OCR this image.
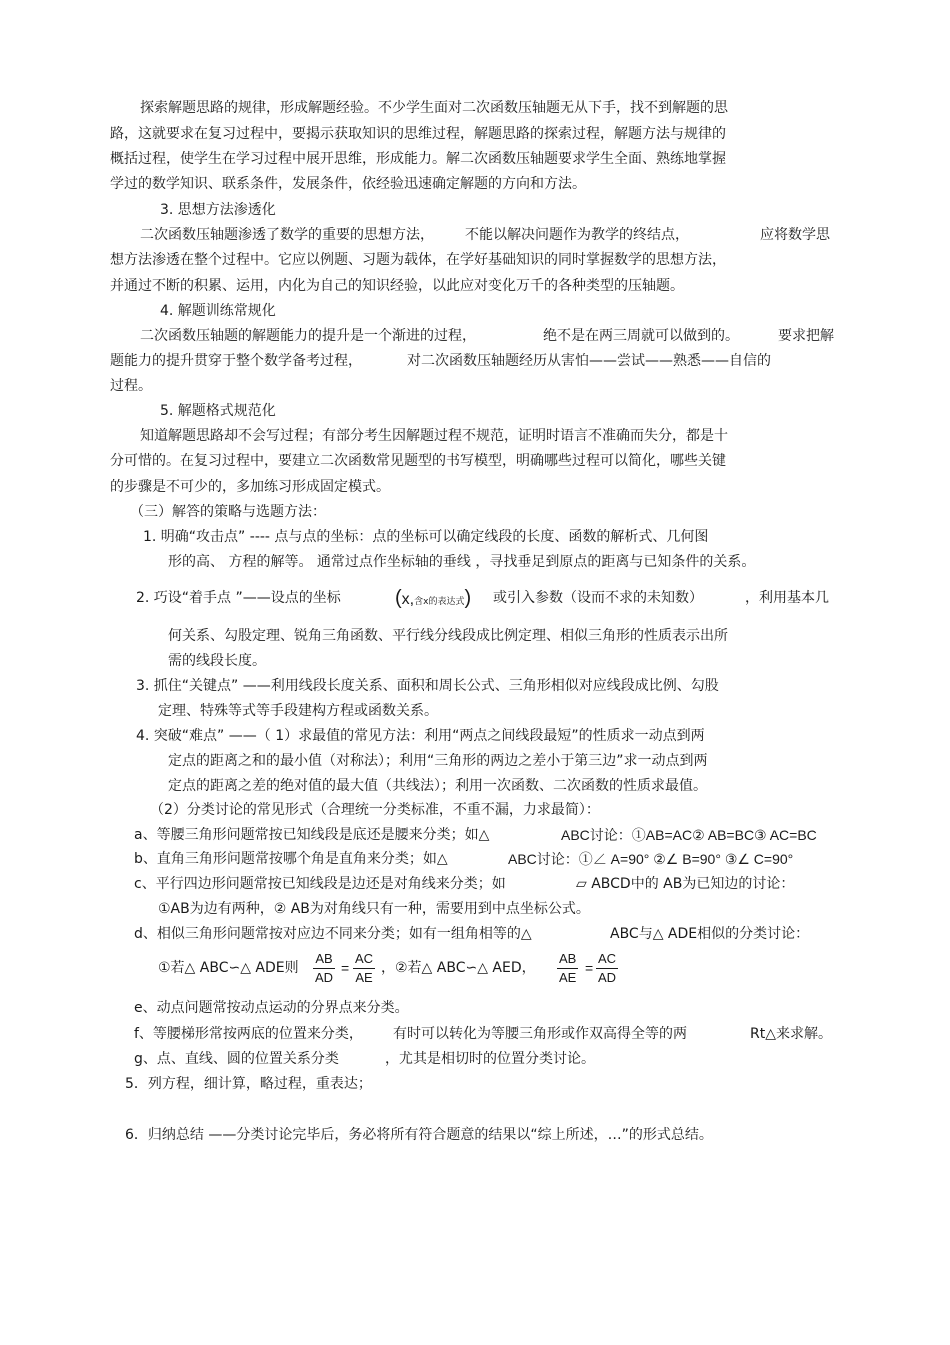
探索解题思路的规律，形成解题经验。不少学生面对二次函数压轴题无从下手，找不到解题的思
路，这就要求在复习过程中，要揭示获取知识的思维过程，解题思路的探索过程，解题方法与规律的
概括过程，使学生在学习过程中展开思维，形成能力。解二次函数压轴题要求学生全面、熟练地掌握
学过的数学知识、联系条件，发展条件，依经验迅速确定解题的方向和方法。
3. 思想方法渗透化
二次函数压轴题渗透了数学的重要的思想方法， 不能以解决问题作为教学的终结点，	应将数学思
想方法渗透在整个过程中。它应以例题、习题为载体，在学好基础知识的同时掌握数学的思想方法，
并通过不断的积累、运用，内化为自己的知识经验，以此应对变化万千的各种类型的压轴题。
4. 解题训练常规化
二次函数压轴题的解题能力的提升是一个渐进的过程，	绝不是在两三周就可以做到的。	要求把解
题能力的提升贯穿于整个数学备考过程，	对二次函数压轴题经历从害怕——尝试——熟悉——自信的
过程。
5. 解题格式规范化
知道解题思路却不会写过程；有部分考生因解题过程不规范，证明时语言不准确而失分，都是十
分可惜的。在复习过程中，要建立二次函数常见题型的书写模型，明确哪些过程可以简化，哪些关键
的步骤是不可少的，多加练习形成固定模式。
（三）解答的策略与选题方法：
1. 明确“攻击点” ---- 点与点的坐标：点的坐标可以确定线段的长度、函数的解析式、几何图
形的高、 方程的解等。 通常过点作坐标轴的垂线 ，寻找垂足到原点的距离与已知条件的关系。
2. 巧设“着手点 ”——设点的坐标	(x,含x的表达式) 或引入参数（设而不求的未知数）	，利用基本几
何关系、勾股定理、锐角三角函数、平行线分线段成比例定理、相似三角形的性质表示出所
需的线段长度。
3. 抓住“关键点” ——利用线段长度关系、面积和周长公式、三角形相似对应线段成比例、勾股
定理、特殊等式等手段建构方程或函数关系。
4. 突破“难点” ——（ 1）求最值的常见方法：利用“两点之间线段最短”的性质求一动点到两
定点的距离之和的最小值（对称法）；利用“三角形的两边之差小于第三边”求一动点到两
定点的距离之差的绝对值的最大值（共线法）；利用一次函数、二次函数的性质求最值。
（2）分类讨论的常见形式（合理统一分类标准，不重不漏，力求最简）：
a、等腰三角形问题常按已知线段是底还是腰来分类；如△	ABC讨论：①AB=AC② AB=BC③ AC=BC
b、直角三角形问题常按哪个角是直角来分类；如△	ABC讨论：①∠ A=90° ②∠ B=90° ③∠ C=90°
c、平行四边形问题常按已知线段是边还是对角线来分类；如	▱ ABCD中的 AB为已知边的讨论：
①AB为边有两种，② AB为对角线只有一种，需要用到中点坐标公式。
d、相似三角形问题常按对应边不同来分类；如有一组角相等的△	ABC与△ ADE相似的分类讨论：
①若△ ABC∽△ ADE则 $\frac{AB}{AD} = \frac{AC}{AE}$ ，②若△ ABC∽△ AED， $\frac{AB}{AE} = \frac{AC}{AD}$
e、动点问题常按动点运动的分界点来分类。
f、等腰梯形常按两底的位置来分类， 有时可以转化为等腰三角形或作双高得全等的两	Rt△来求解。
g、点、直线、圆的位置关系分类	，尤其是相切时的位置分类讨论。
5．列方程，细计算，略过程，重表达；
6．归纳总结 ——分类讨论完毕后，务必将所有符合题意的结果以“综上所述，…”的形式总结。
